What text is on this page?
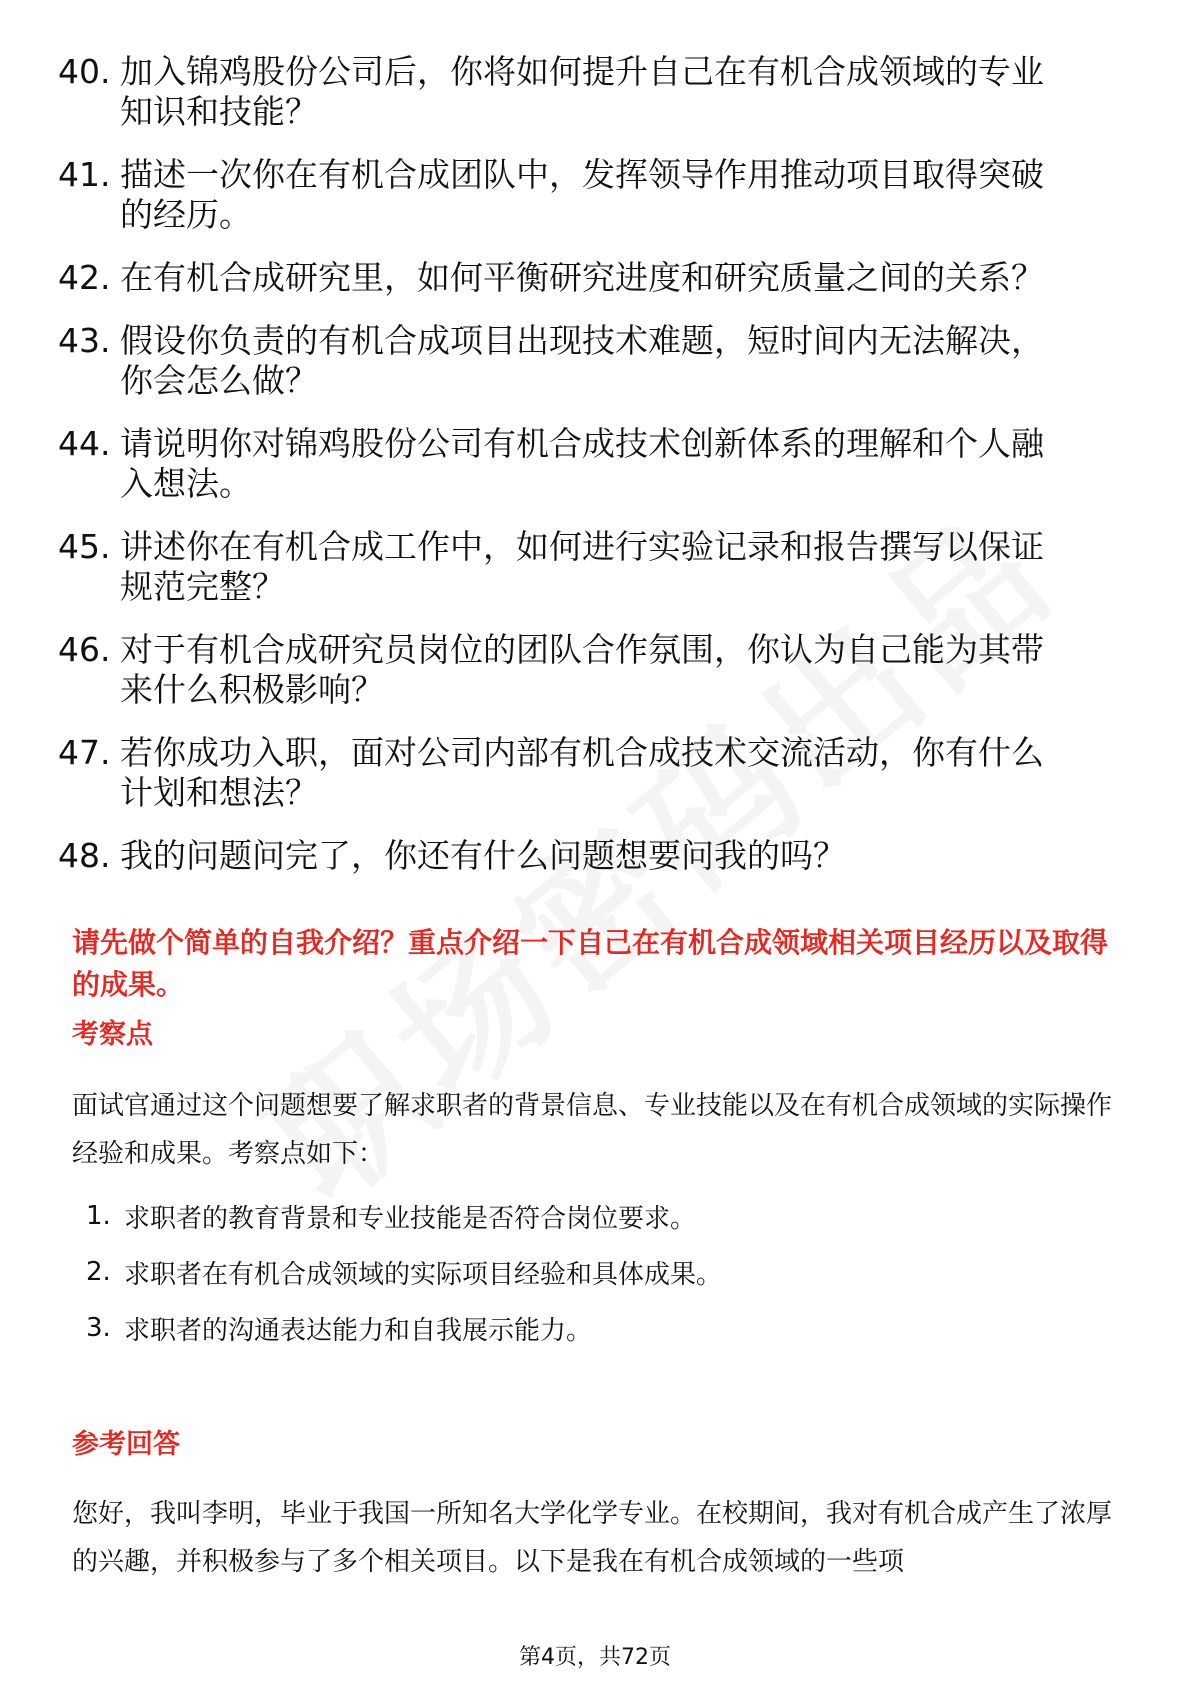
40. 加入锦鸡股份公司后，你将如何提升自己在有机合成领域的专业知识和技能？
41. 描述一次你在有机合成团队中，发挥领导作用推动项目取得突破的经历。
42. 在有机合成研究里，如何平衡研究进度和研究质量之间的关系？
43. 假设你负责的有机合成项目出现技术难题，短时间内无法解决，你会怎么做？
44. 请说明你对锦鸡股份公司有机合成技术创新体系的理解和个人融入想法。
45. 讲述你在有机合成工作中，如何进行实验记录和报告撰写以保证规范完整？
46. 对于有机合成研究员岗位的团队合作氛围，你认为自己能为其带来什么积极影响？
47. 若你成功入职，面对公司内部有机合成技术交流活动，你有什么计划和想法？
48. 我的问题问完了，你还有什么问题想要问我的吗？
请先做个简单的自我介绍？重点介绍一下自己在有机合成领域相关项目经历以及取得的成果。
考察点
面试官通过这个问题想要了解求职者的背景信息、专业技能以及在有机合成领域的实际操作经验和成果。考察点如下：
1. 求职者的教育背景和专业技能是否符合岗位要求。
2. 求职者在有机合成领域的实际项目经验和具体成果。
3. 求职者的沟通表达能力和自我展示能力。
参考回答
您好，我叫李明，毕业于我国一所知名大学化学专业。在校期间，我对有机合成产生了浓厚的兴趣，并积极参与了多个相关项目。以下是我在有机合成领域的一些项
第4页，共72页
